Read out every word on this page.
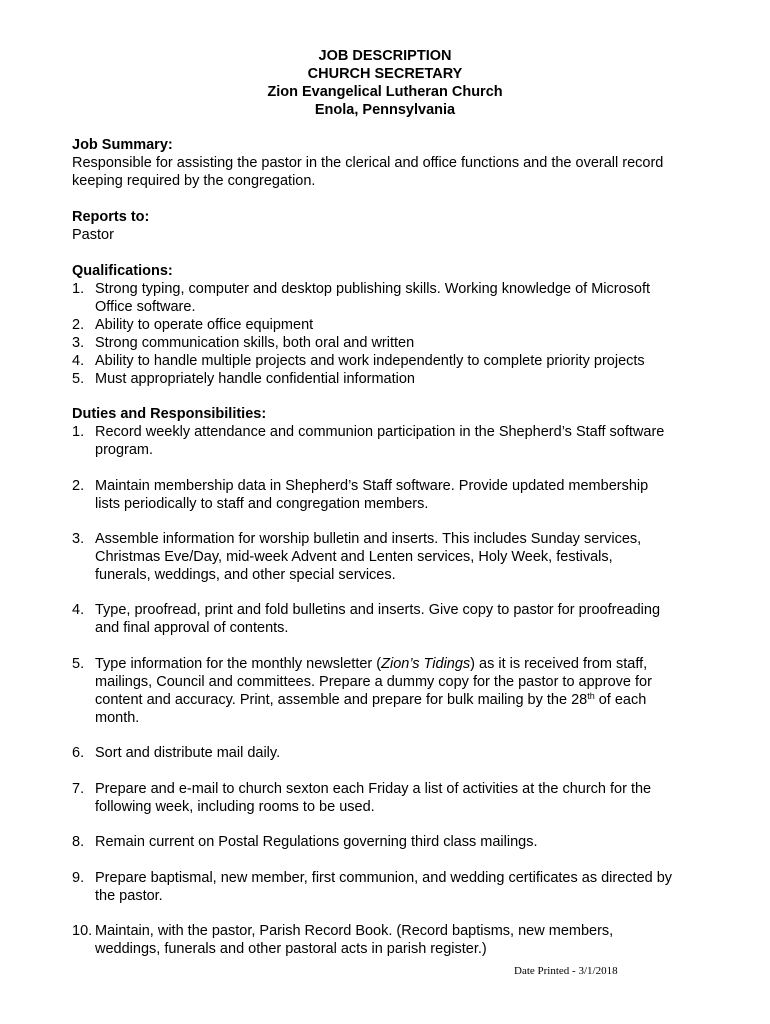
JOB DESCRIPTION
CHURCH SECRETARY
Zion Evangelical Lutheran Church
Enola, Pennsylvania
Job Summary:
Responsible for assisting the pastor in the clerical and office functions and the overall record
keeping required by the congregation.
Reports to:
Pastor
Qualifications:
1. Strong typing, computer and desktop publishing skills. Working knowledge of Microsoft
Office software.
2. Ability to operate office equipment
3. Strong communication skills, both oral and written
4. Ability to handle multiple projects and work independently to complete priority projects
5. Must appropriately handle confidential information
Duties and Responsibilities:
1. Record weekly attendance and communion participation in the Shepherd’s Staff software
program.
2. Maintain membership data in Shepherd’s Staff software. Provide updated membership
lists periodically to staff and congregation members.
3. Assemble information for worship bulletin and inserts. This includes Sunday services,
Christmas Eve/Day, mid-week Advent and Lenten services, Holy Week, festivals,
funerals, weddings, and other special services.
4. Type, proofread, print and fold bulletins and inserts. Give copy to pastor for proofreading
and final approval of contents.
5. Type information for the monthly newsletter (Zion’s Tidings) as it is received from staff,
mailings, Council and committees. Prepare a dummy copy for the pastor to approve for
content and accuracy. Print, assemble and prepare for bulk mailing by the 28th of each
month.
6. Sort and distribute mail daily.
7. Prepare and e-mail to church sexton each Friday a list of activities at the church for the
following week, including rooms to be used.
8. Remain current on Postal Regulations governing third class mailings.
9. Prepare baptismal, new member, first communion, and wedding certificates as directed by
the pastor.
10. Maintain, with the pastor, Parish Record Book. (Record baptisms, new members,
weddings, funerals and other pastoral acts in parish register.)
Date Printed - 3/1/2018
